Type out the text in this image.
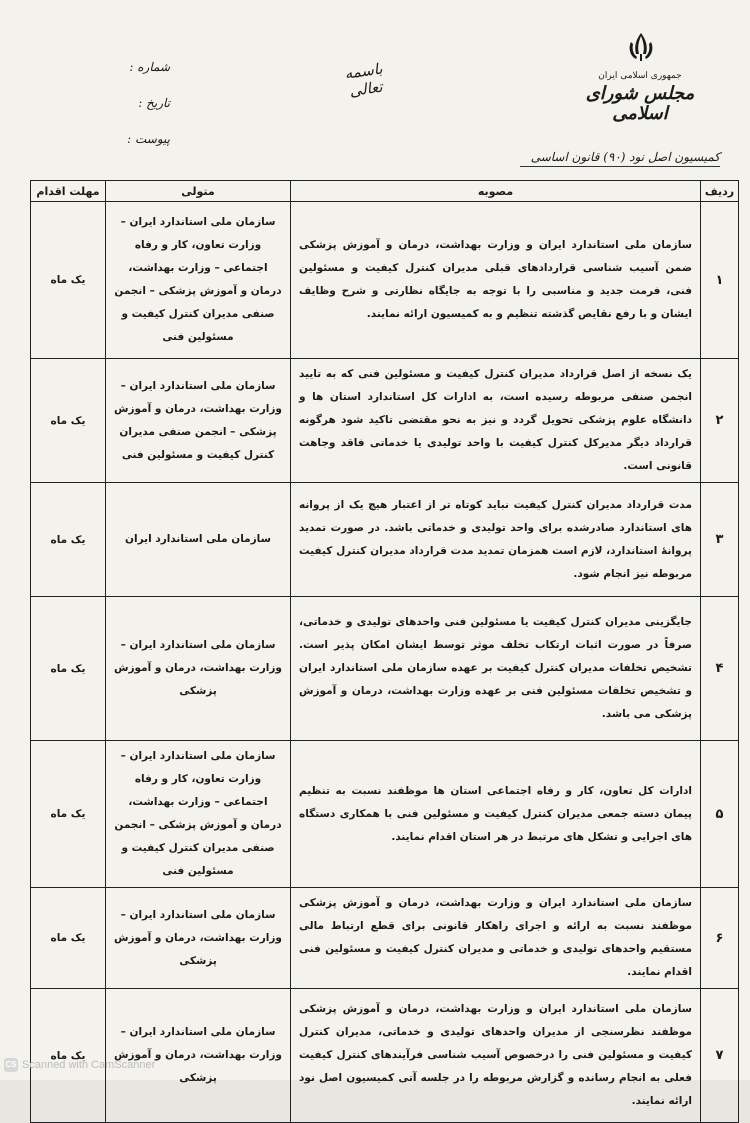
جمهوری اسلامی ایران
مجلس شورای اسلامی
کمیسیون اصل نود (۹۰) قانون اساسی
باسمه تعالی
شماره :
تاریخ :
پیوست :
ردیف	مصوبه	متولی	مهلت اقدام
۱	سازمان ملی استاندارد ایران و وزارت بهداشت، درمان و آموزش پزشکی ضمن آسیب شناسی قراردادهای قبلی مدیران کنترل کیفیت و مسئولین فنی، فرمت جدید و مناسبی را با توجه به جایگاه نظارتی و شرح وظایف ایشان و با رفع نقایص گذشته تنظیم و به کمیسیون ارائه نمایند.	سازمان ملی استاندارد ایران – وزارت تعاون، کار و رفاه اجتماعی – وزارت بهداشت، درمان و آموزش پزشکی – انجمن صنفی مدیران کنترل کیفیت و مسئولین فنی	یک ماه
۲	یک نسخه از اصل قرارداد مدیران کنترل کیفیت و مسئولین فنی که به تایید انجمن صنفی مربوطه رسیده است، به ادارات کل استاندارد استان ها و دانشگاه علوم پزشکی تحویل گردد و نیز به نحو مقتضی تاکید شود هرگونه قرارداد دیگر مدیرکل کنترل کیفیت با واحد تولیدی یا خدماتی فاقد وجاهت قانونی است.	سازمان ملی استاندارد ایران –وزارت بهداشت، درمان و آموزش پزشکی – انجمن صنفی مدیران کنترل کیفیت و مسئولین فنی	یک ماه
۳	مدت قرارداد مدیران کنترل کیفیت نباید کوتاه تر از اعتبار هیچ یک از پروانه های استاندارد صادرشده برای واحد تولیدی و خدماتی باشد. در صورت تمدید پروانهٔ استاندارد، لازم است همزمان تمدید مدت قرارداد مدیران کنترل کیفیت مربوطه نیز انجام شود.	سازمان ملی استاندارد ایران	یک ماه
۴	جایگزینی مدیران کنترل کیفیت یا مسئولین فنی واحدهای تولیدی و خدماتی، صرفاً در صورت اثبات ارتکاب تخلف موثر توسط ایشان امکان پذیر است. تشخیص تخلفات مدیران کنترل کیفیت بر عهده سازمان ملی استاندارد ایران و تشخیص تخلفات مسئولین فنی بر عهده وزارت بهداشت، درمان و آموزش پزشکی می باشد.	سازمان ملی استاندارد ایران –وزارت بهداشت، درمان و آموزش پزشکی	یک ماه
۵	ادارات کل تعاون، کار و رفاه اجتماعی استان ها موظفند نسبت به تنظیم پیمان دسته جمعی مدیران کنترل کیفیت و مسئولین فنی با همکاری دستگاه های اجرایی و تشکل های مرتبط در هر استان اقدام نمایند.	سازمان ملی استاندارد ایران – وزارت تعاون، کار و رفاه اجتماعی – وزارت بهداشت، درمان و آموزش پزشکی – انجمن صنفی مدیران کنترل کیفیت و مسئولین فنی	یک ماه
۶	سازمان ملی استاندارد ایران و وزارت بهداشت، درمان و آموزش پزشکی موظفند نسبت به ارائه و اجرای راهکار قانونی برای قطع ارتباط مالی مستقیم واحدهای تولیدی و خدماتی و مدیران کنترل کیفیت و مسئولین فنی اقدام نمایند.	سازمان ملی استاندارد ایران –وزارت بهداشت، درمان و آموزش پزشکی	یک ماه
۷	سازمان ملی استاندارد ایران و وزارت بهداشت، درمان و آموزش پزشکی موظفند نظرسنجی از مدیران واحدهای تولیدی و خدماتی، مدیران کنترل کیفیت و مسئولین فنی را درخصوص آسیب شناسی فرآیندهای کنترل کیفیت فعلی به انجام رسانده و گزارش مربوطه را در جلسه آتی کمیسیون اصل نود ارائه نمایند.	سازمان ملی استاندارد ایران –وزارت بهداشت، درمان و آموزش پزشکی	یک ماه
CS Scanned with CamScanner
